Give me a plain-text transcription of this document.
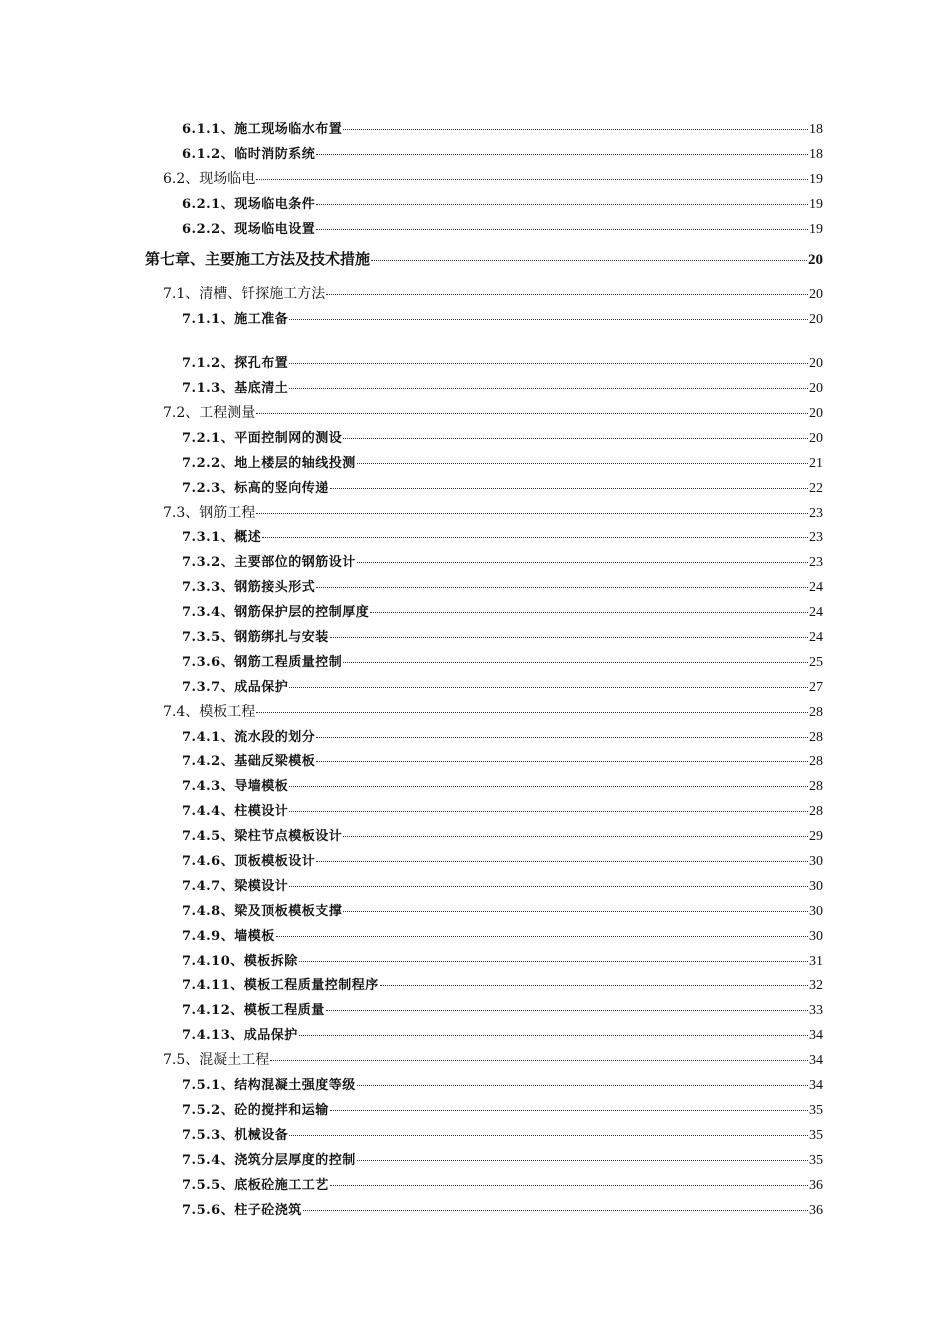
6.1.1、施工现场临水布置	18
6.1.2、临时消防系统	18
6.2、现场临电	19
6.2.1、现场临电条件	19
6.2.2、现场临电设置	19
第七章、主要施工方法及技术措施	20
7.1、清槽、钎探施工方法	20
7.1.1、施工准备	20
7.1.2、探孔布置	20
7.1.3、基底清土	20
7.2、工程测量	20
7.2.1、平面控制网的测设	20
7.2.2、地上楼层的轴线投测	21
7.2.3、标高的竖向传递	22
7.3、钢筋工程	23
7.3.1、概述	23
7.3.2、主要部位的钢筋设计	23
7.3.3、钢筋接头形式	24
7.3.4、钢筋保护层的控制厚度	24
7.3.5、钢筋绑扎与安装	24
7.3.6、钢筋工程质量控制	25
7.3.7、成品保护	27
7.4、模板工程	28
7.4.1、流水段的划分	28
7.4.2、基础反梁模板	28
7.4.3、导墙模板	28
7.4.4、柱模设计	28
7.4.5、梁柱节点模板设计	29
7.4.6、顶板模板设计	30
7.4.7、梁模设计	30
7.4.8、梁及顶板模板支撑	30
7.4.9、墙模板	30
7.4.10、模板拆除	31
7.4.11、模板工程质量控制程序	32
7.4.12、模板工程质量	33
7.4.13、成品保护	34
7.5、混凝土工程	34
7.5.1、结构混凝土强度等级	34
7.5.2、砼的搅拌和运输	35
7.5.3、机械设备	35
7.5.4、浇筑分层厚度的控制	35
7.5.5、底板砼施工工艺	36
7.5.6、柱子砼浇筑	36
